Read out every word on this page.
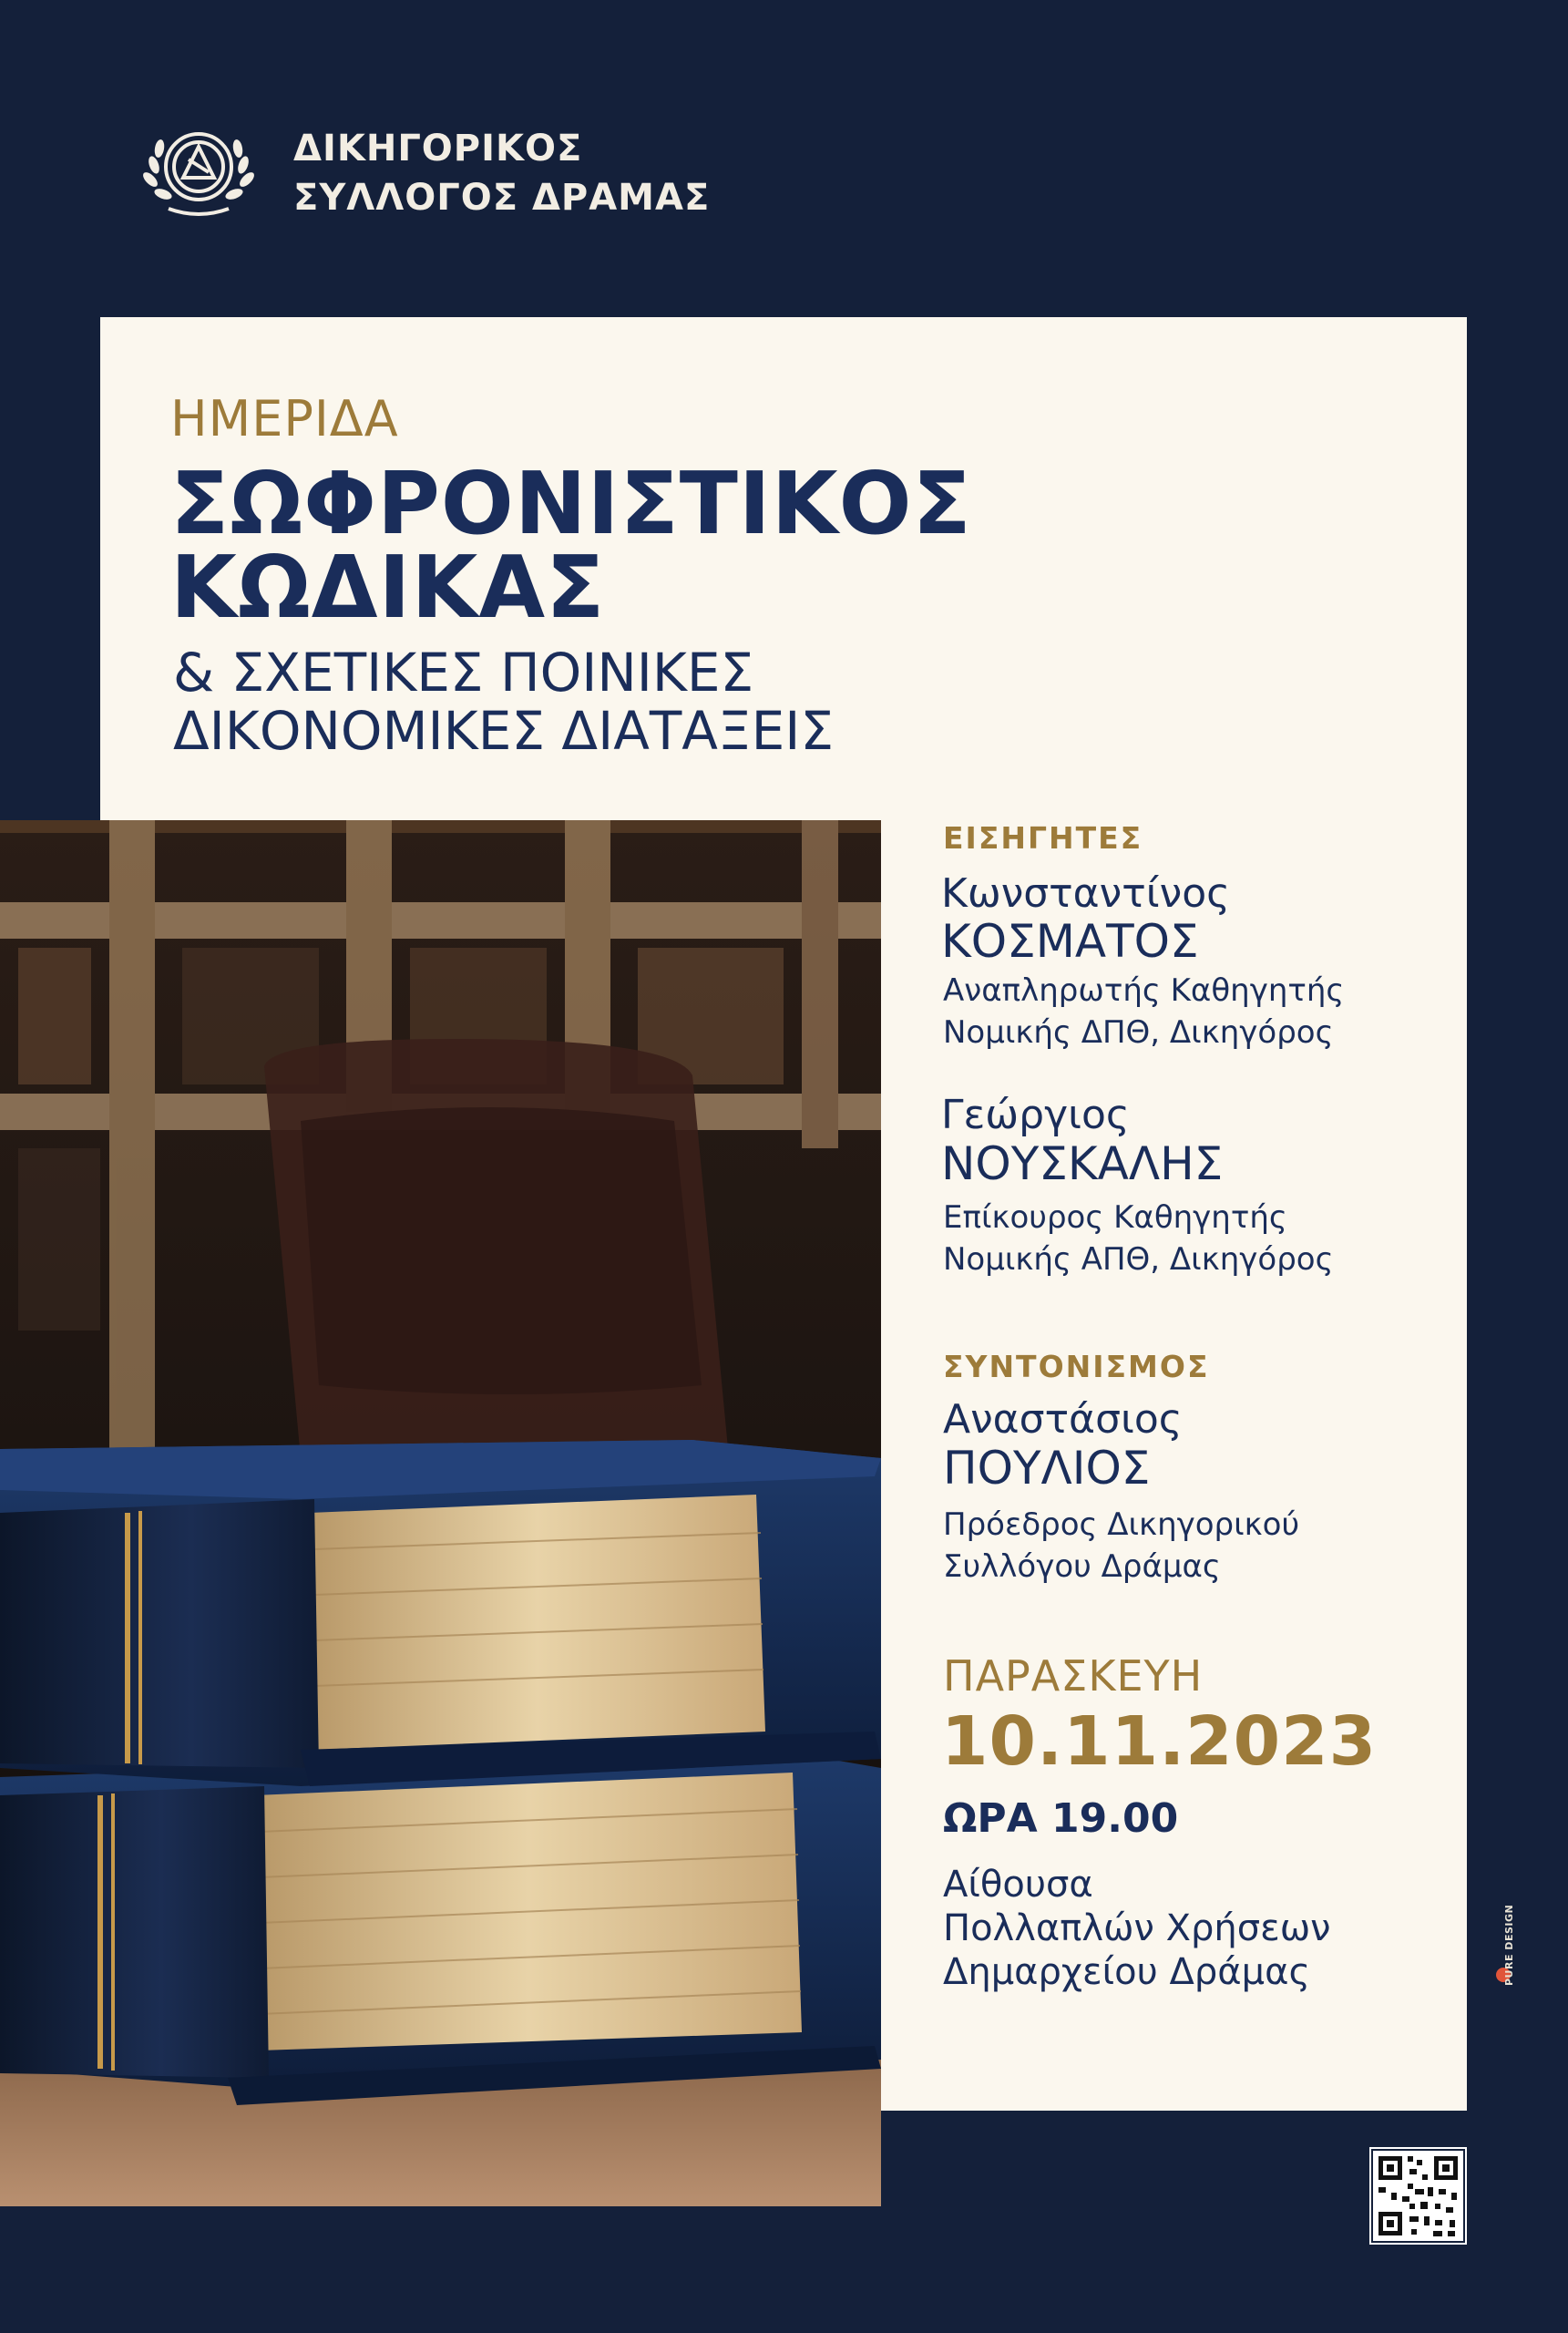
ΔΙΚΗΓΟΡΙΚΟΣ
ΣΥΛΛΟΓΟΣ ΔΡΑΜΑΣ
ΗΜΕΡΙΔΑ
ΣΩΦΡΟΝΙΣΤΙΚΟΣ
ΚΩΔΙΚΑΣ
& ΣΧΕΤΙΚΕΣ ΠΟΙΝΙΚΕΣ
ΔΙΚΟΝΟΜΙΚΕΣ ΔΙΑΤΑΞΕΙΣ
ΕΙΣΗΓΗΤΕΣ
Κωνσταντίνος
ΚΟΣΜΑΤΟΣ
Αναπληρωτής Καθηγητής
Νομικής ΔΠΘ, Δικηγόρος
Γεώργιος
ΝΟΥΣΚΑΛΗΣ
Επίκουρος Καθηγητής
Νομικής ΑΠΘ, Δικηγόρος
ΣΥΝΤΟΝΙΣΜΟΣ
Αναστάσιος
ΠΟΥΛΙΟΣ
Πρόεδρος Δικηγορικού
Συλλόγου Δράμας
ΠΑΡΑΣΚΕΥΗ
10.11.2023
ΩΡΑ 19.00
Αίθουσα
Πολλαπλών Χρήσεων
Δημαρχείου Δράμας	PURE DESIGN
